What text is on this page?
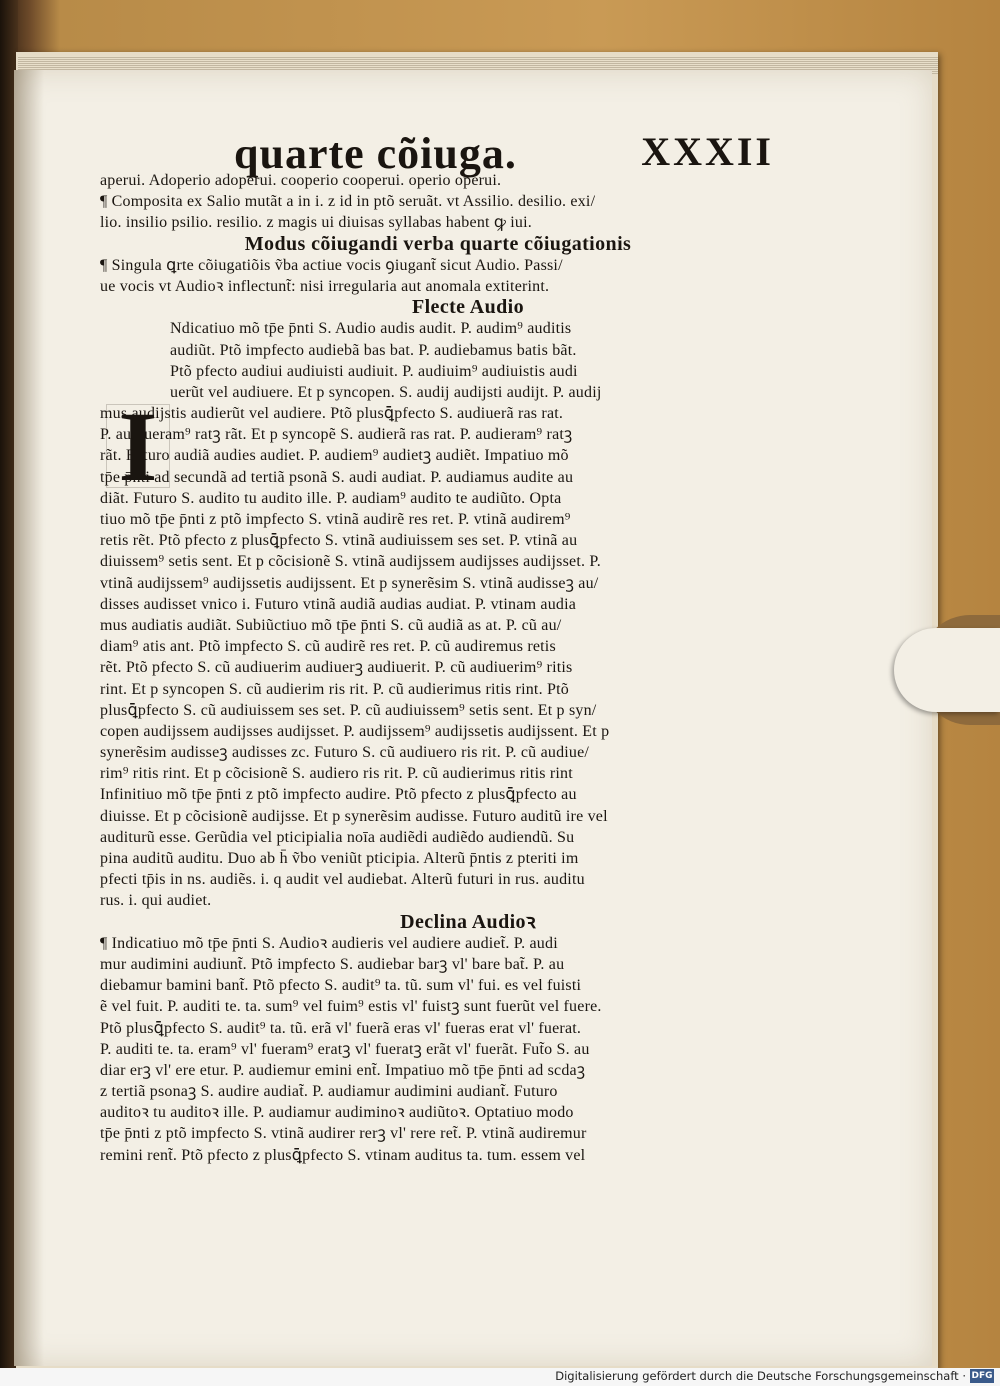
quarte cõiuga.	XXXII
aperui. Adoperio adoperui. cooperio cooperui. operio operui.
¶ Composita ex Salio mutãt a in i. z id in ptõ seruãt. vt Assilio. desilio. exi/
lio. insilio psilio. resilio. z magis ui diuisas syllabas habent ꝙ iui.
Modus cõiugandi verba quarte cõiugationis
¶ Singula ꝗrte cõiugatiõis ṽba actiue vocis ꝯiugant̃ sicut Audio. Passi/
ue vocis vt Audioꝛ inflectunt̃: nisi irregularia aut anomala extiterint.
Flecte Audio
Ndicatiuo mõ tp̄e p̄nti S. Audio audis audit. P. audim⁹ auditis
audiũt. Ptõ impfecto audiebã bas bat. P. audiebamus batis bãt.
Ptõ pfecto audiui audiuisti audiuit. P. audiuim⁹ audiuistis audi
uerũt vel audiuere. Et p syncopen. S. audij audijsti audijt. P. audij
mus audijstis audierũt vel audiere. Ptõ plusꝗ̄pfecto S. audiuerã ras rat.
P. audiueram⁹ ratꝫ rãt. Et p syncopẽ S. audierã ras rat. P. audieram⁹ ratꝫ
rãt. Futuro audiã audies audiet. P. audiem⁹ audietꝫ audiẽt. Impatiuo mõ
tp̄e p̄nti ad secundã ad tertiã psonã S. audi audiat. P. audiamus audite au
diãt. Futuro S. audito tu audito ille. P. audiam⁹ audito te audiũto. Opta
tiuo mõ tp̄e p̄nti z ptõ impfecto S. vtinã audirẽ res ret. P. vtinã audirem⁹
retis rẽt. Ptõ pfecto z plusꝗ̄pfecto S. vtinã audiuissem ses set. P. vtinã au
diuissem⁹ setis sent. Et p cõcisionẽ S. vtinã audijssem audijsses audijsset. P.
vtinã audijssem⁹ audijssetis audijssent. Et p synerẽsim S. vtinã audisseꝫ au/
disses audisset vnico i. Futuro vtinã audiã audias audiat. P. vtinam audia
mus audiatis audiãt. Subiũctiuo mõ tp̄e p̄nti S. cũ audiã as at. P. cũ au/
diam⁹ atis ant. Ptõ impfecto S. cũ audirẽ res ret. P. cũ audiremus retis
rẽt. Ptõ pfecto S. cũ audiuerim audiuerꝫ audiuerit. P. cũ audiuerim⁹ ritis
rint. Et p syncopen S. cũ audierim ris rit. P. cũ audierimus ritis rint. Ptõ
plusꝗ̄pfecto S. cũ audiuissem ses set. P. cũ audiuissem⁹ setis sent. Et p syn/
copen audijssem audijsses audijsset. P. audijssem⁹ audijssetis audijssent. Et p
synerẽsim audisseꝫ audisses zc. Futuro S. cũ audiuero ris rit. P. cũ audiue/
rim⁹ ritis rint. Et p cõcisionẽ S. audiero ris rit. P. cũ audierimus ritis rint
Infinitiuo mõ tp̄e p̄nti z ptõ impfecto audire. Ptõ pfecto z plusꝗ̄pfecto au
diuisse. Et p cõcisionẽ audijsse. Et p synerẽsim audisse. Futuro auditũ ire vel
auditurũ esse. Gerũdia vel pticipialia noīa audiẽdi audiẽdo audiendũ. Su
pina auditũ auditu. Duo ab h̄ ṽbo veniũt pticipia. Alterũ p̄ntis z pteriti im
pfecti tp̄is in ns. audiẽs. i. q audit vel audiebat. Alterũ futuri in rus. auditu
rus. i. qui audiet.
Declina Audioꝛ
¶ Indicatiuo mõ tp̄e p̄nti S. Audioꝛ audieris vel audiere audiet̃. P. audi
mur audimini audiunt̃. Ptõ impfecto S. audiebar barꝫ vl' bare bat̃. P. au
diebamur bamini bant̃. Ptõ pfecto S. audit⁹ ta. tũ. sum vl' fui. es vel fuisti
ẽ vel fuit. P. auditi te. ta. sum⁹ vel fuim⁹ estis vl' fuistꝫ sunt fuerũt vel fuere.
Ptõ plusꝗ̄pfecto S. audit⁹ ta. tũ. erã vl' fuerã eras vl' fueras erat vl' fuerat.
P. auditi te. ta. eram⁹ vl' fueram⁹ eratꝫ vl' fueratꝫ erãt vl' fuerãt. Fut̃o S. au
diar erꝫ vl' ere etur. P. audiemur emini ent̃. Impatiuo mõ tp̄e p̄nti ad scdaꝫ
z tertiã psonaꝫ S. audire audiat̃. P. audiamur audimini audiant̃. Futuro
auditoꝛ tu auditoꝛ ille. P. audiamur audiminoꝛ audiũtoꝛ. Optatiuo modo
tp̄e p̄nti z ptõ impfecto S. vtinã audirer rerꝫ vl' rere ret̃. P. vtinã audiremur
remini rent̃. Ptõ pfecto z plusꝗ̄pfecto S. vtinam auditus ta. tum. essem vel
I
Digitalisierung gefördert durch die Deutsche Forschungsgemeinschaft · DFG
